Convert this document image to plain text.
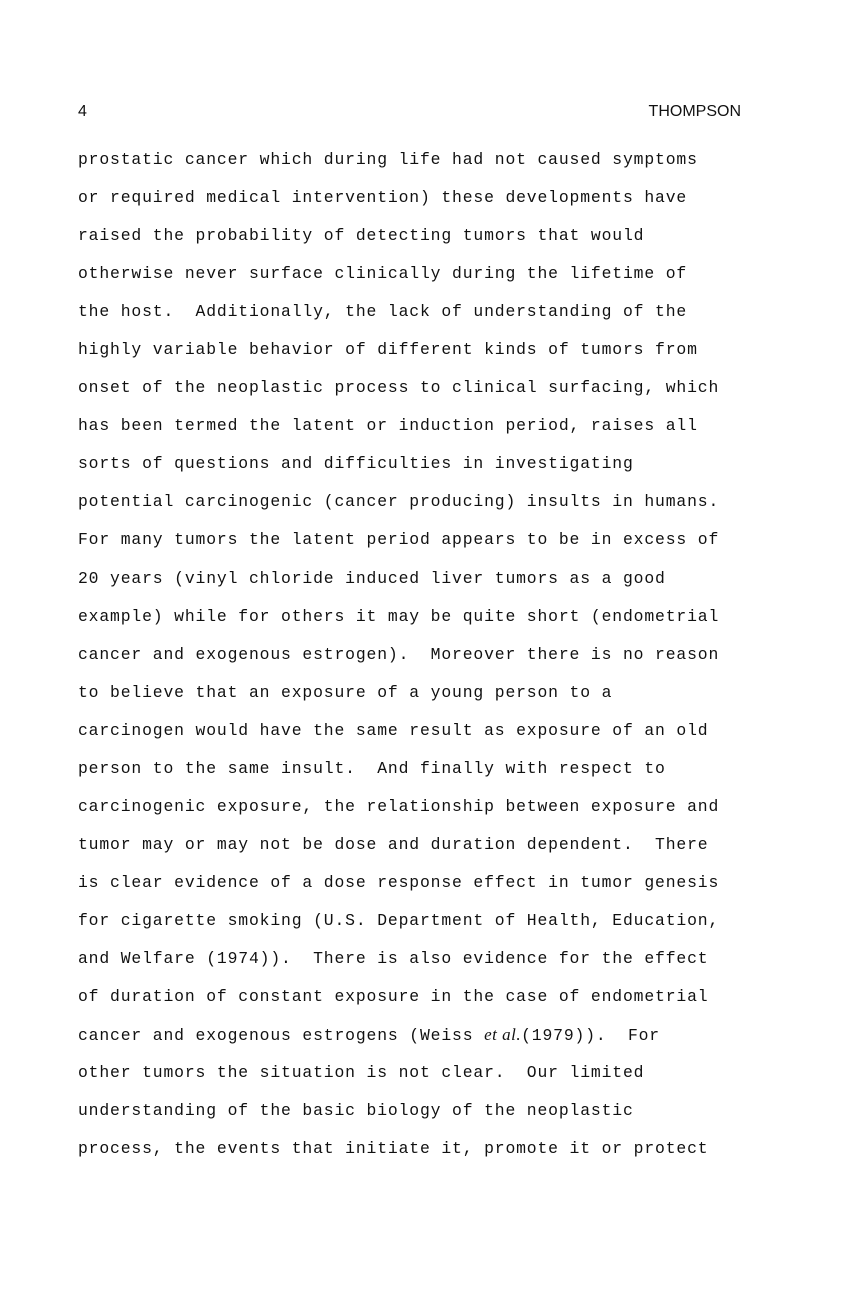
4	THOMPSON
prostatic cancer which during life had not caused symptoms
or required medical intervention) these developments have
raised the probability of detecting tumors that would
otherwise never surface clinically during the lifetime of
the host.  Additionally, the lack of understanding of the
highly variable behavior of different kinds of tumors from
onset of the neoplastic process to clinical surfacing, which
has been termed the latent or induction period, raises all
sorts of questions and difficulties in investigating
potential carcinogenic (cancer producing) insults in humans.
For many tumors the latent period appears to be in excess of
20 years (vinyl chloride induced liver tumors as a good
example) while for others it may be quite short (endometrial
cancer and exogenous estrogen).  Moreover there is no reason
to believe that an exposure of a young person to a
carcinogen would have the same result as exposure of an old
person to the same insult.  And finally with respect to
carcinogenic exposure, the relationship between exposure and
tumor may or may not be dose and duration dependent.  There
is clear evidence of a dose response effect in tumor genesis
for cigarette smoking (U.S. Department of Health, Education,
and Welfare (1974)).  There is also evidence for the effect
of duration of constant exposure in the case of endometrial
cancer and exogenous estrogens (Weiss et al.(1979)).  For
other tumors the situation is not clear.  Our limited
understanding of the basic biology of the neoplastic
process, the events that initiate it, promote it or protect
